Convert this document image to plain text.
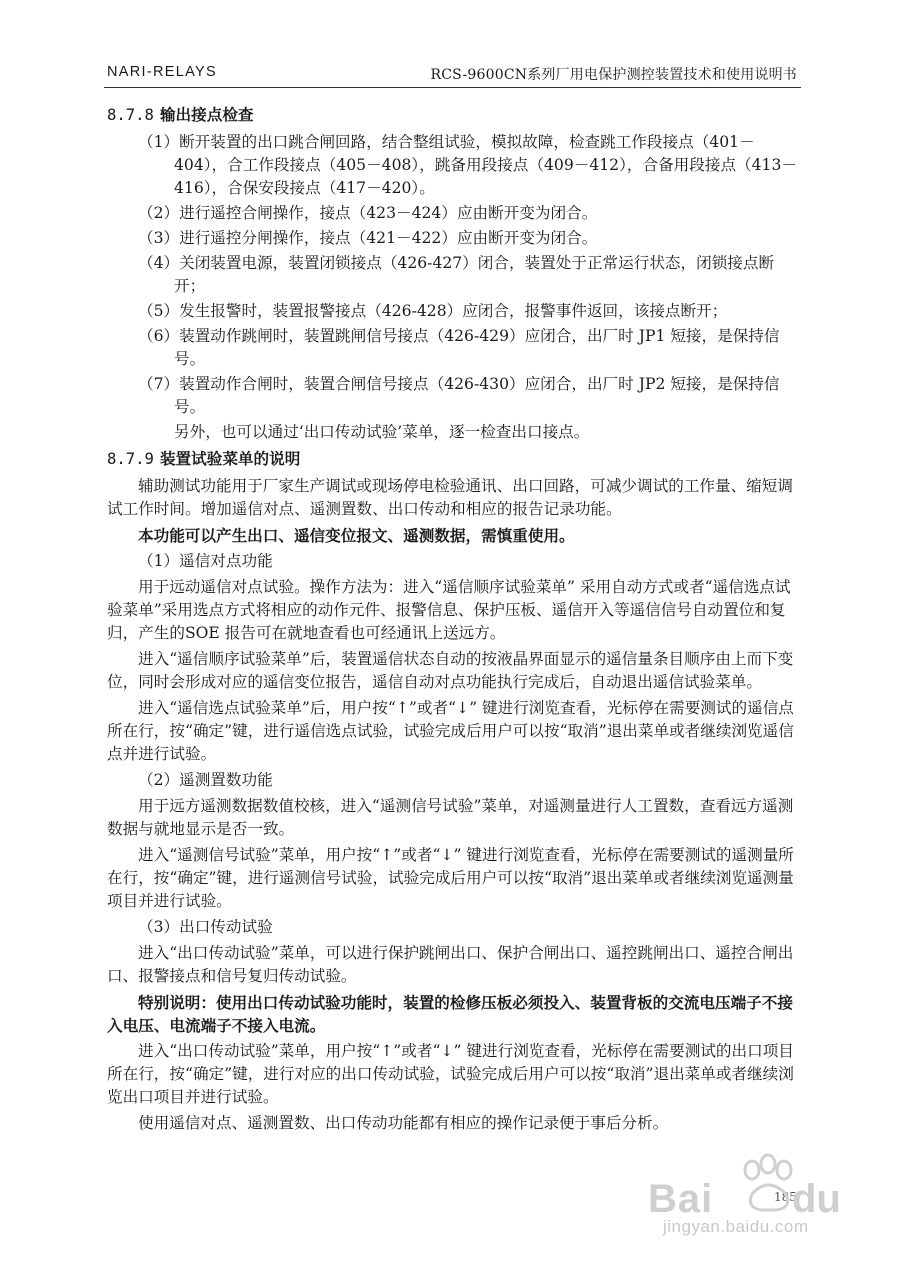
NARI-RELAYS	RCS-9600CN系列厂用电保护测控装置技术和使用说明书
8.7.8 输出接点检查
（1）断开装置的出口跳合闸回路，结合整组试验，模拟故障，检查跳工作段接点（401－404），合工作段接点（405－408），跳备用段接点（409－412），合备用段接点（413－416），合保安段接点（417－420）。
（2）进行遥控合闸操作，接点（423－424）应由断开变为闭合。
（3）进行遥控分闸操作，接点（421－422）应由断开变为闭合。
（4）关闭装置电源，装置闭锁接点（426-427）闭合，装置处于正常运行状态，闭锁接点断开；
（5）发生报警时，装置报警接点（426-428）应闭合，报警事件返回，该接点断开；
（6）装置动作跳闸时，装置跳闸信号接点（426-429）应闭合，出厂时 JP1 短接，是保持信号。
（7）装置动作合闸时，装置合闸信号接点（426-430）应闭合，出厂时 JP2 短接，是保持信号。
另外，也可以通过‘出口传动试验’菜单，逐一检查出口接点。
8.7.9 装置试验菜单的说明
辅助测试功能用于厂家生产调试或现场停电检验通讯、出口回路，可减少调试的工作量、缩短调试工作时间。增加遥信对点、遥测置数、出口传动和相应的报告记录功能。
本功能可以产生出口、遥信变位报文、遥测数据，需慎重使用。
（1）遥信对点功能
用于远动遥信对点试验。操作方法为：进入“遥信顺序试验菜单” 采用自动方式或者“遥信选点试验菜单”采用选点方式将相应的动作元件、报警信息、保护压板、遥信开入等遥信信号自动置位和复归，产生的SOE 报告可在就地查看也可经通讯上送远方。
进入“遥信顺序试验菜单”后，装置遥信状态自动的按液晶界面显示的遥信量条目顺序由上而下变位，同时会形成对应的遥信变位报告，遥信自动对点功能执行完成后，自动退出遥信试验菜单。
进入“遥信选点试验菜单”后，用户按“↑”或者“↓” 键进行浏览查看，光标停在需要测试的遥信点所在行，按“确定”键，进行遥信选点试验，试验完成后用户可以按“取消”退出菜单或者继续浏览遥信点并进行试验。
（2）遥测置数功能
用于远方遥测数据数值校核，进入“遥测信号试验”菜单，对遥测量进行人工置数，查看远方遥测数据与就地显示是否一致。
进入“遥测信号试验”菜单，用户按“↑”或者“↓” 键进行浏览查看，光标停在需要测试的遥测量所在行，按“确定”键，进行遥测信号试验，试验完成后用户可以按“取消”退出菜单或者继续浏览遥测量项目并进行试验。
（3）出口传动试验
进入“出口传动试验”菜单，可以进行保护跳闸出口、保护合闸出口、遥控跳闸出口、遥控合闸出口、报警接点和信号复归传动试验。
特别说明：使用出口传动试验功能时，装置的检修压板必须投入、装置背板的交流电压端子不接入电压、电流端子不接入电流。
进入“出口传动试验”菜单，用户按“↑”或者“↓” 键进行浏览查看，光标停在需要测试的出口项目所在行，按“确定”键，进行对应的出口传动试验，试验完成后用户可以按“取消”退出菜单或者继续浏览出口项目并进行试验。
使用遥信对点、遥测置数、出口传动功能都有相应的操作记录便于事后分析。
185
Bai du
jingyan.baidu.com
